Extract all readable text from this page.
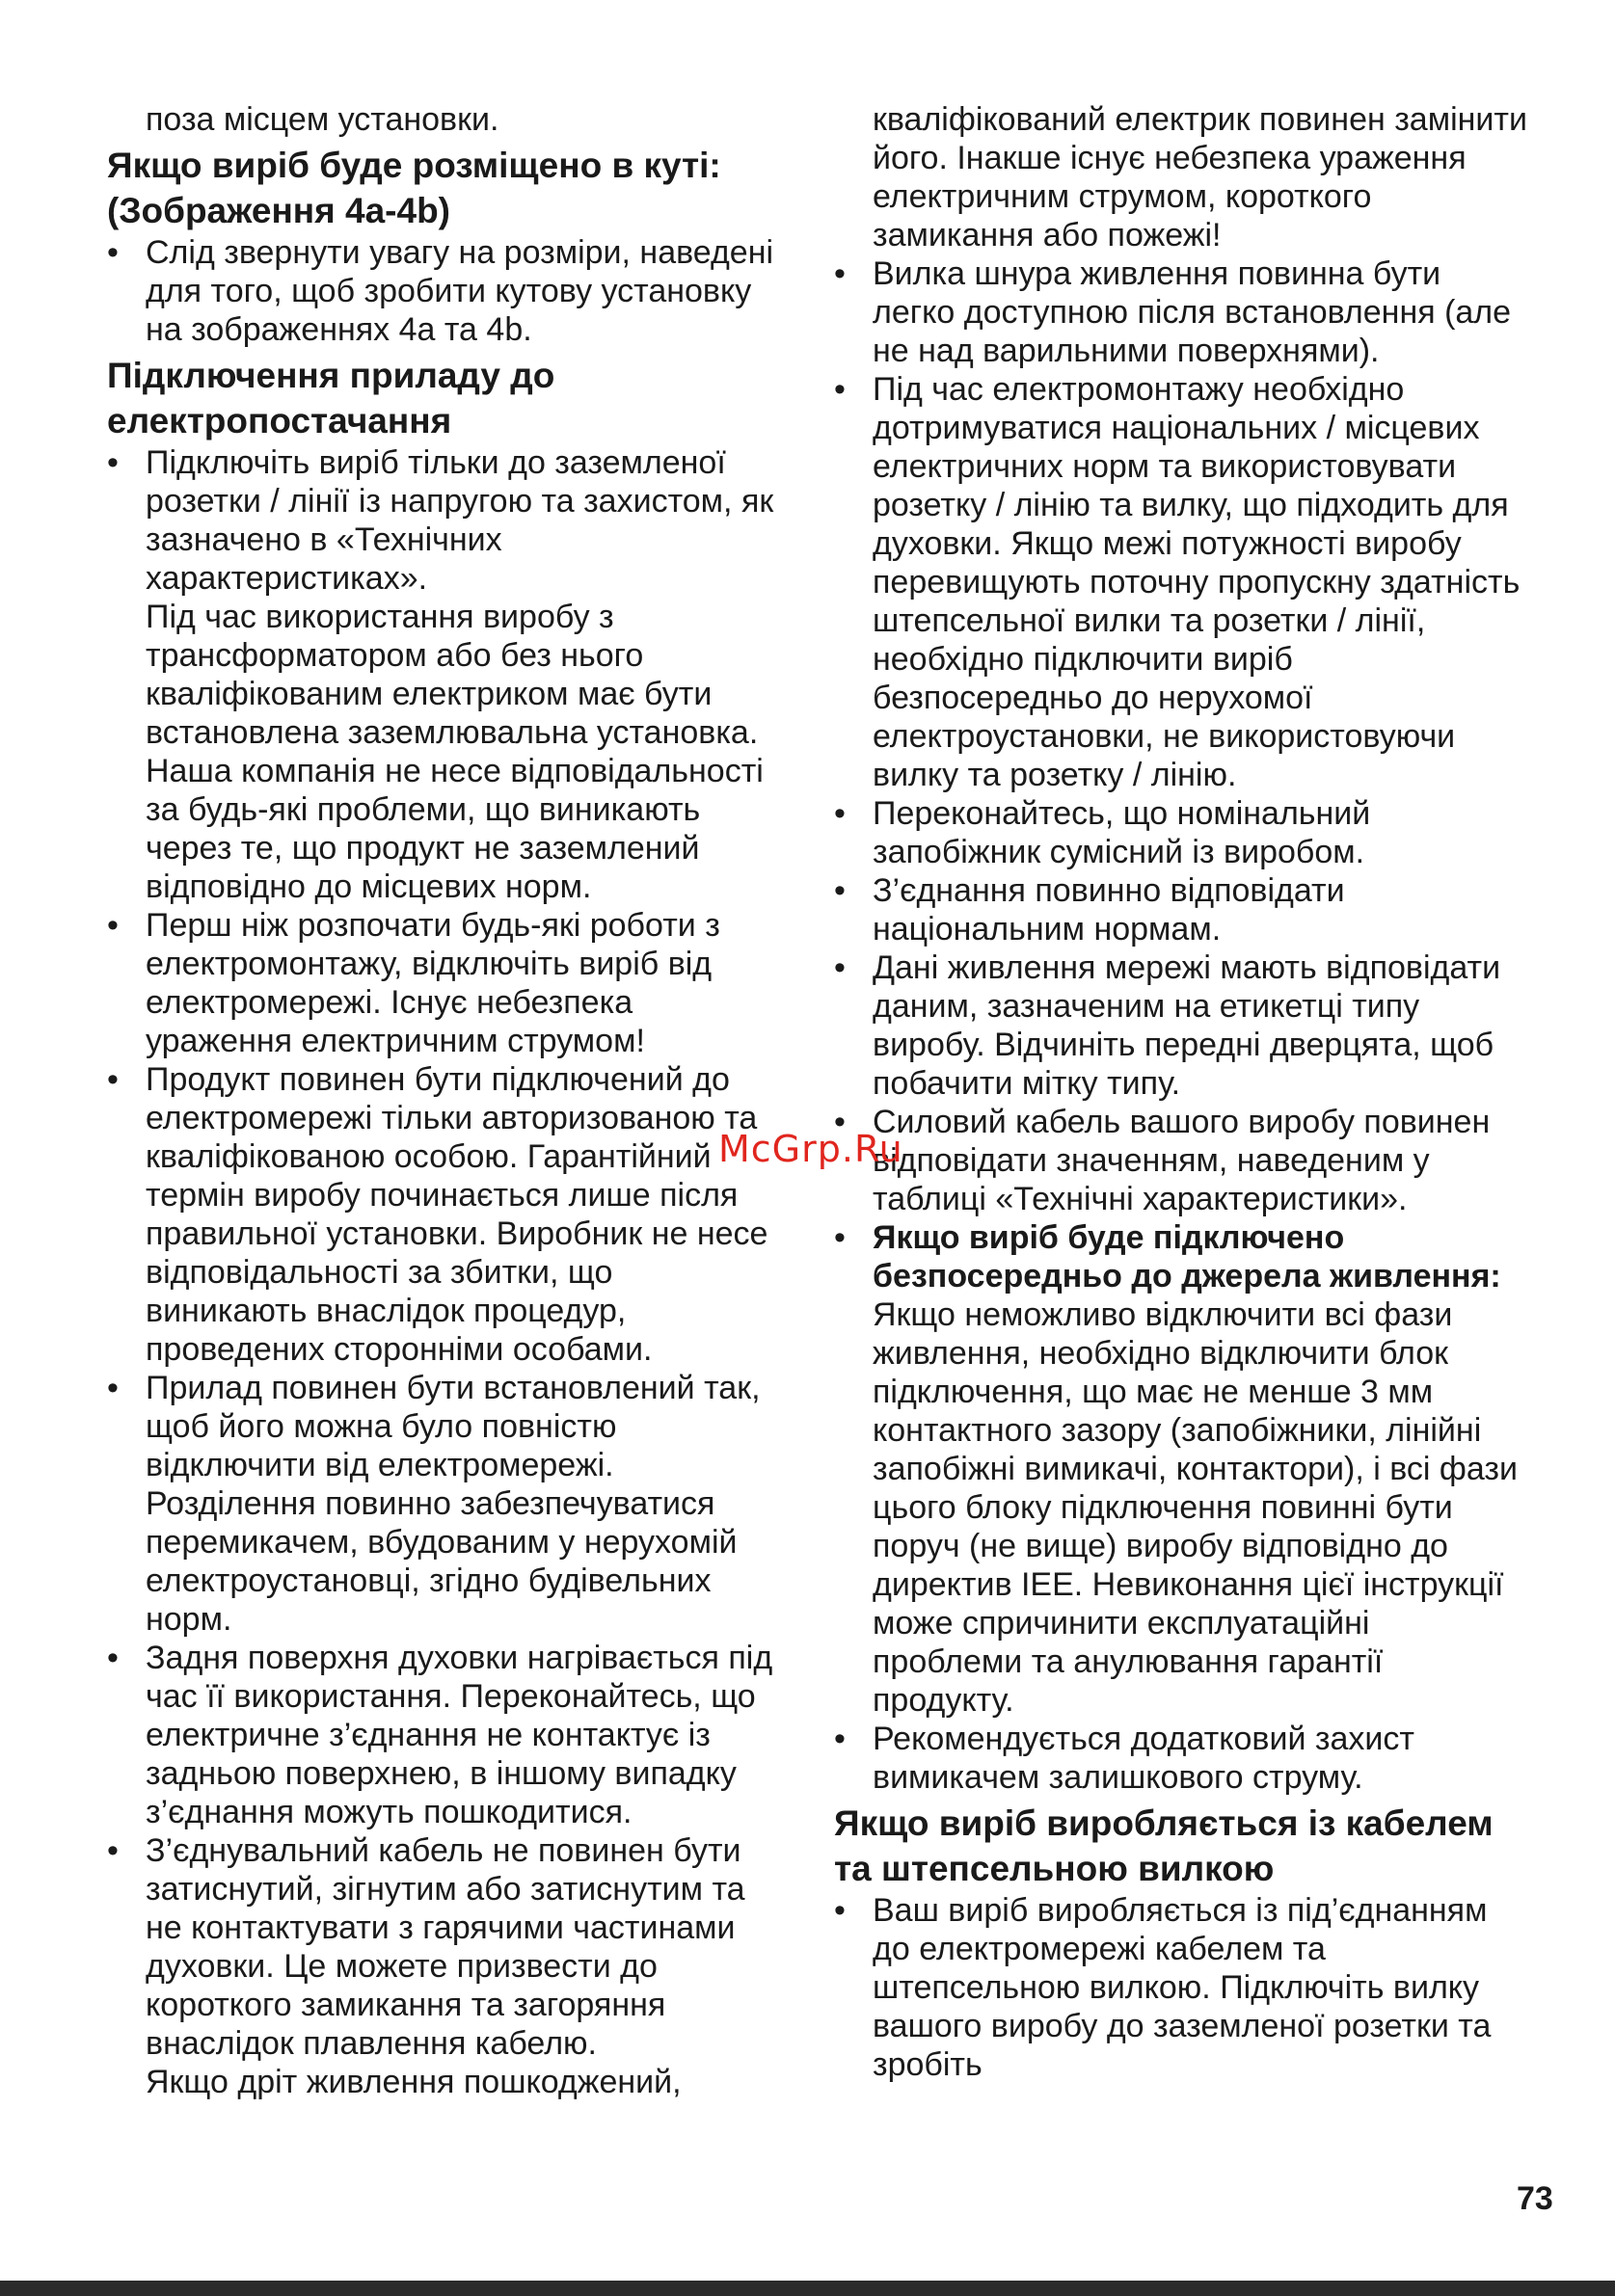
поза місцем установки.

Якщо виріб буде розміщено в куті: (Зображення 4a-4b)
• Слід звернути увагу на розміри, наведені для того, щоб зробити кутову установку на зображеннях 4a та 4b.
Підключення приладу до електропостачання
• Підключіть виріб тільки до заземленої розетки / лінії із напругою та захистом, як зазначено в «Технічних характеристиках».
Під час використання виробу з трансформатором або без нього кваліфікованим електриком має бути встановлена заземлювальна установка. Наша компанія не несе відповідальності за будь-які проблеми, що виникають через те, що продукт не заземлений відповідно до місцевих норм.
• Перш ніж розпочати будь-які роботи з електромонтажу, відключіть виріб від електромережі. Існує небезпека ураження електричним струмом!
• Продукт повинен бути підключений до електромережі тільки авторизованою та кваліфікованою особою. Гарантійний термін виробу починається лише після правильної установки. Виробник не несе відповідальності за збитки, що виникають внаслідок процедур, проведених сторонніми особами.
• Прилад повинен бути встановлений так, щоб його можна було повністю відключити від електромережі.
Розділення повинно забезпечуватися перемикачем, вбудованим у нерухомій електроустановці, згідно будівельних норм.
• Задня поверхня духовки нагрівається під час її використання. Переконайтесь, що електричне з’єднання не контактує із задньою поверхнею, в іншому випадку з’єднання можуть пошкодитися.
• З’єднувальний кабель не повинен бути затиснутий, зігнутим або затиснутим та не контактувати з гарячими частинами духовки. Це можете призвести до короткого замикання та загоряння внаслідок плавлення кабелю.
Якщо дріт живлення пошкоджений,

кваліфікований електрик повинен замінити його. Інакше існує небезпека ураження електричним струмом, короткого замикання або пожежі!

• Вилка шнура живлення повинна бути легко доступною після встановлення (але не над варильними поверхнями).
• Під час електромонтажу необхідно дотримуватися національних / місцевих електричних норм та використовувати розетку / лінію та вилку, що підходить для духовки. Якщо межі потужності виробу перевищують поточну пропускну здатність штепсельної вилки та розетки / лінії, необхідно підключити виріб безпосередньо до нерухомої електроустановки, не використовуючи вилку та розетку / лінію.
• Переконайтесь, що номінальний запобіжник сумісний із виробом.
• З’єднання повинно відповідати національним нормам.
• Дані живлення мережі мають відповідати даним, зазначеним на етикетці типу виробу. Відчиніть передні дверцята, щоб побачити мітку типу.
• Силовий кабель вашого виробу повинен відповідати значенням, наведеним у таблиці «Технічні характеристики».
• Якщо виріб буде підключено безпосередньо до джерела живлення: Якщо неможливо відключити всі фази живлення, необхідно відключити блок підключення, що має не менше 3 мм контактного зазору (запобіжники, лінійні запобіжні вимикачі, контактори), і всі фази цього блоку підключення повинні бути поруч (не вище) виробу відповідно до директив IEE. Невиконання цієї інструкції може спричинити експлуатаційні проблеми та анулювання гарантії продукту.
• Рекомендується додатковий захист вимикачем залишкового струму.
Якщо виріб виробляється із кабелем та штепсельною вилкою
• Ваш виріб виробляється із під’єднанням до електромережі кабелем та штепсельною вилкою. Підключіть вилку вашого виробу до заземленої розетки та зробіть
McGrp.Ru
73
